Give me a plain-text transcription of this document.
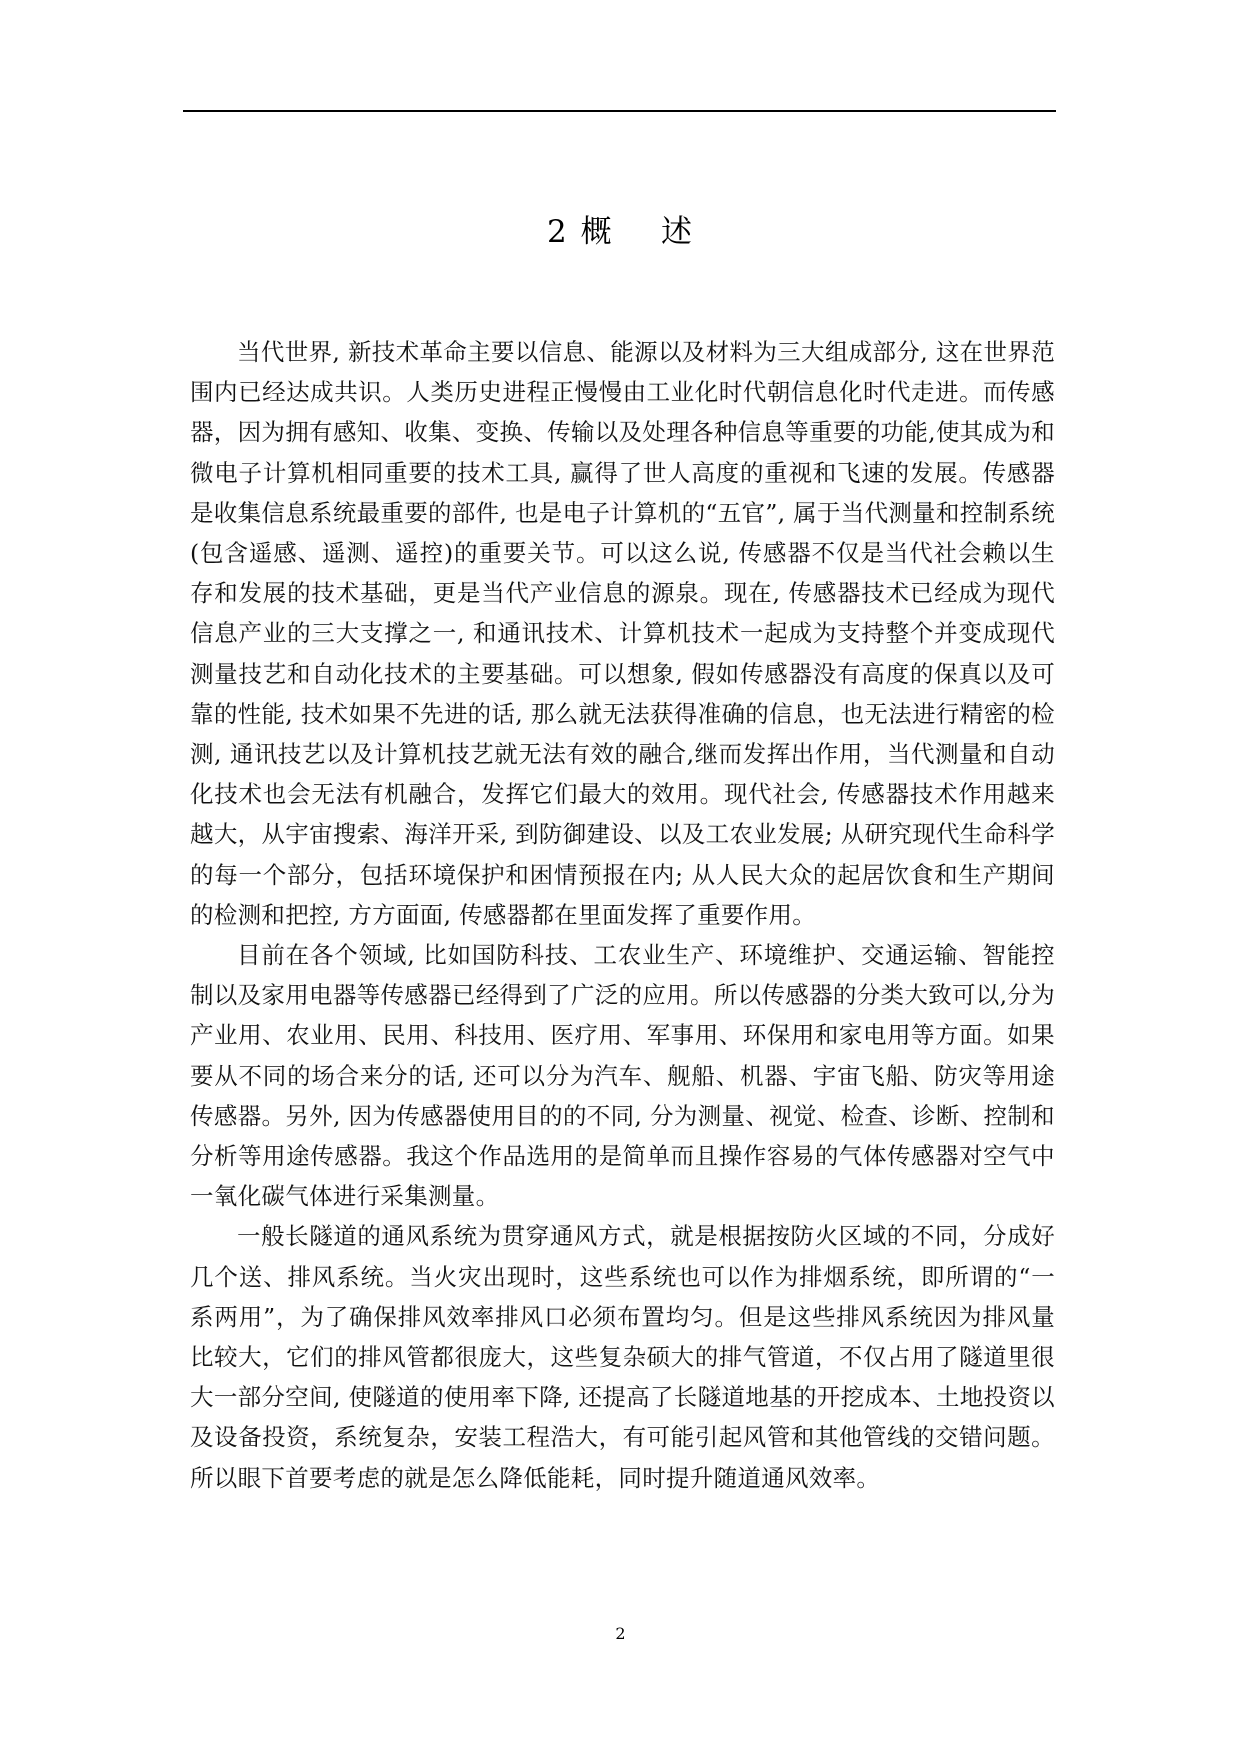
2 概    述

当代世界, 新技术革命主要以信息、能源以及材料为三大组成部分, 这在世界范围内已经达成共识。人类历史进程正慢慢由工业化时代朝信息化时代走进。而传感器，因为拥有感知、收集、变换、传输以及处理各种信息等重要的功能,使其成为和微电子计算机相同重要的技术工具, 赢得了世人高度的重视和飞速的发展。传感器是收集信息系统最重要的部件, 也是电子计算机的“五官”, 属于当代测量和控制系统(包含遥感、遥测、遥控)的重要关节。可以这么说, 传感器不仅是当代社会赖以生存和发展的技术基础，更是当代产业信息的源泉。现在, 传感器技术已经成为现代信息产业的三大支撑之一, 和通讯技术、计算机技术一起成为支持整个并变成现代测量技艺和自动化技术的主要基础。可以想象, 假如传感器没有高度的保真以及可靠的性能, 技术如果不先进的话, 那么就无法获得准确的信息，也无法进行精密的检测, 通讯技艺以及计算机技艺就无法有效的融合,继而发挥出作用，当代测量和自动化技术也会无法有机融合，发挥它们最大的效用。现代社会, 传感器技术作用越来越大，从宇宙搜索、海洋开采, 到防御建设、以及工农业发展; 从研究现代生命科学的每一个部分，包括环境保护和困情预报在内; 从人民大众的起居饮食和生产期间的检测和把控, 方方面面, 传感器都在里面发挥了重要作用。

目前在各个领域, 比如国防科技、工农业生产、环境维护、交通运输、智能控制以及家用电器等传感器已经得到了广泛的应用。所以传感器的分类大致可以,分为产业用、农业用、民用、科技用、医疗用、军事用、环保用和家电用等方面。如果要从不同的场合来分的话, 还可以分为汽车、舰船、机器、宇宙飞船、防灾等用途传感器。另外, 因为传感器使用目的的不同, 分为测量、视觉、检查、诊断、控制和分析等用途传感器。我这个作品选用的是简单而且操作容易的气体传感器对空气中一氧化碳气体进行采集测量。

一般长隧道的通风系统为贯穿通风方式，就是根据按防火区域的不同，分成好几个送、排风系统。当火灾出现时，这些系统也可以作为排烟系统，即所谓的“一系两用”，为了确保排风效率排风口必须布置均匀。但是这些排风系统因为排风量比较大，它们的排风管都很庞大，这些复杂硕大的排气管道，不仅占用了隧道里很大一部分空间, 使隧道的使用率下降, 还提高了长隧道地基的开挖成本、土地投资以及设备投资，系统复杂，安装工程浩大，有可能引起风管和其他管线的交错问题。所以眼下首要考虑的就是怎么降低能耗，同时提升随道通风效率。

2
